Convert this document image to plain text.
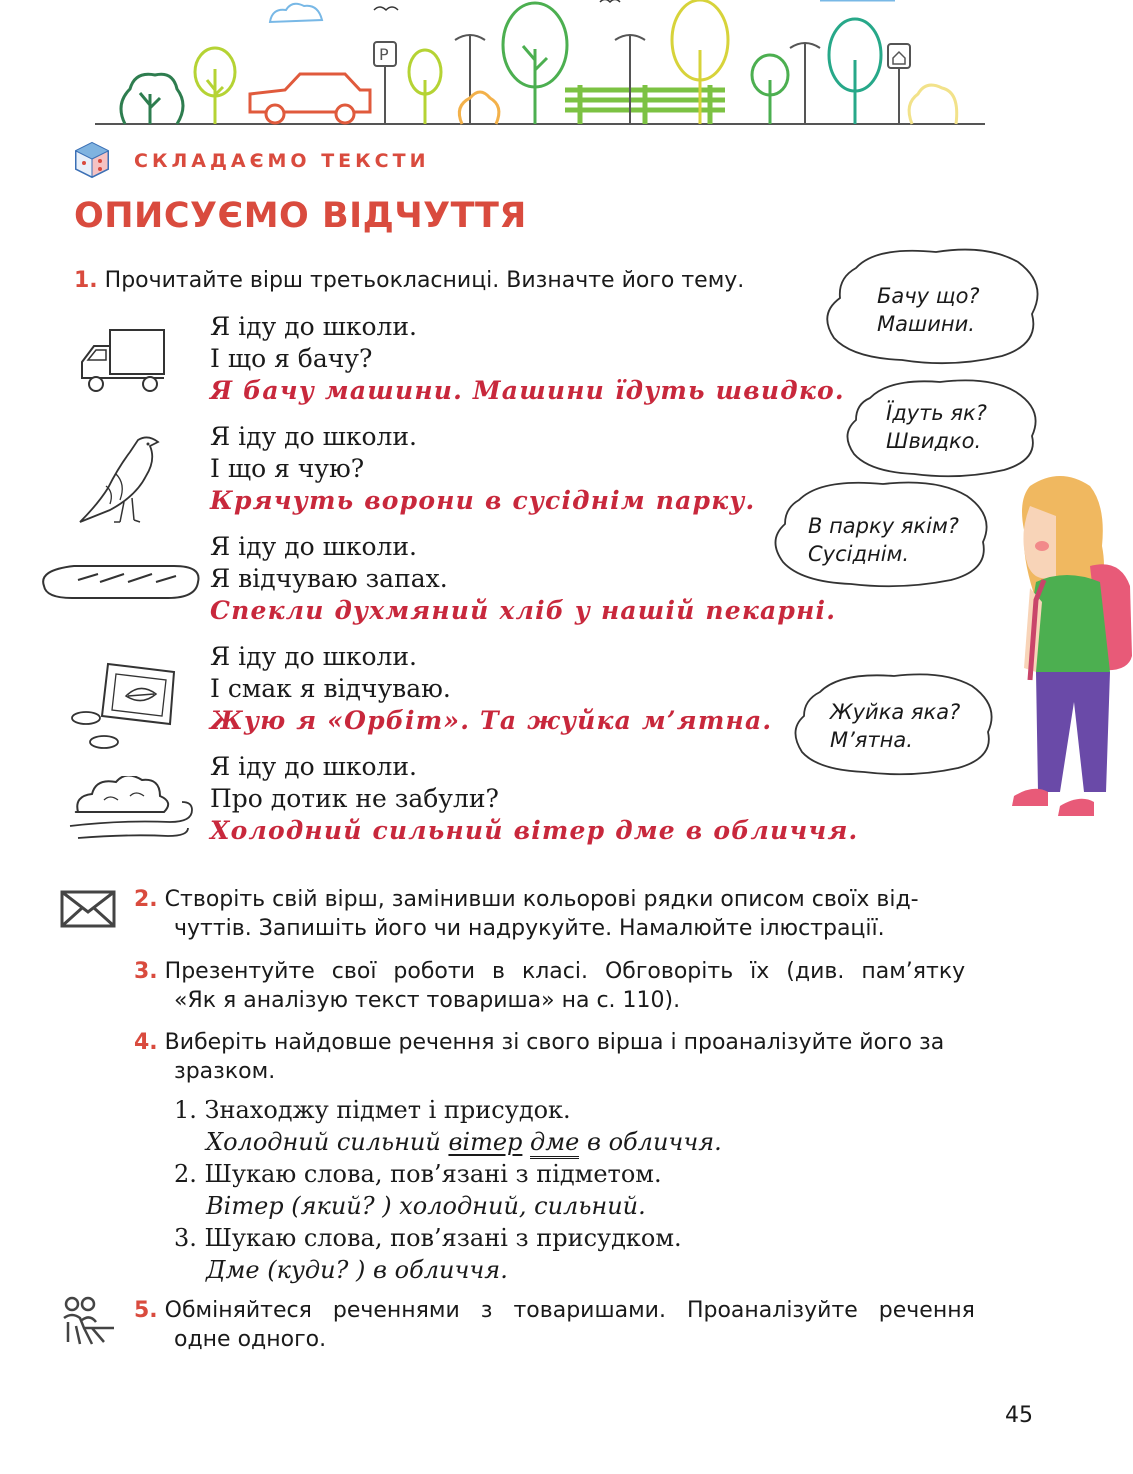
P
СКЛАДАЄМО ТЕКСТИ
ОПИСУЄМО ВІДЧУТТЯ
1. Прочитайте вірш третьокласниці. Визначте його тему.
Я іду до школи.
І що я бачу?
Я бачу машини. Машини їдуть швидко.
Я іду до школи.
І що я чую?
Крячуть ворони в сусіднім парку.
Я іду до школи.
Я відчуваю запах.
Спекли духмяний хліб у нашій пекарні.
Я іду до школи.
І смак я відчуваю.
Жую я «Орбіт». Та жуйка м’ятна.
Я іду до школи.
Про дотик не забули?
Холодний сильний вітер дме в обличчя.
Бачу що?
Машини.
Їдуть як?
Швидко.
В парку якім?
Сусіднім.
Жуйка яка?
М’ятна.
2. Створіть свій вірш, замінивши кольорові рядки описом своїх від-
чуттів. Запишіть його чи надрукуйте. Намалюйте ілюстрації.
3. Презентуйте свої роботи в класі. Обговоріть їх (див. пам’ятку
«Як я аналізую текст товариша» на с. 110).
4. Виберіть найдовше речення зі свого вірша і проаналізуйте його за
зразком.
1. Знаходжу підмет і присудок.
Холодний сильний вітер дме в обличчя.
2. Шукаю слова, пов’язані з підметом.
Вітер (який? ) холодний, сильний.
3. Шукаю слова, пов’язані з присудком.
Дме (куди? ) в обличчя.
5. Обміняйтеся реченнями з товаришами. Проаналізуйте речення
одне одного.
45
